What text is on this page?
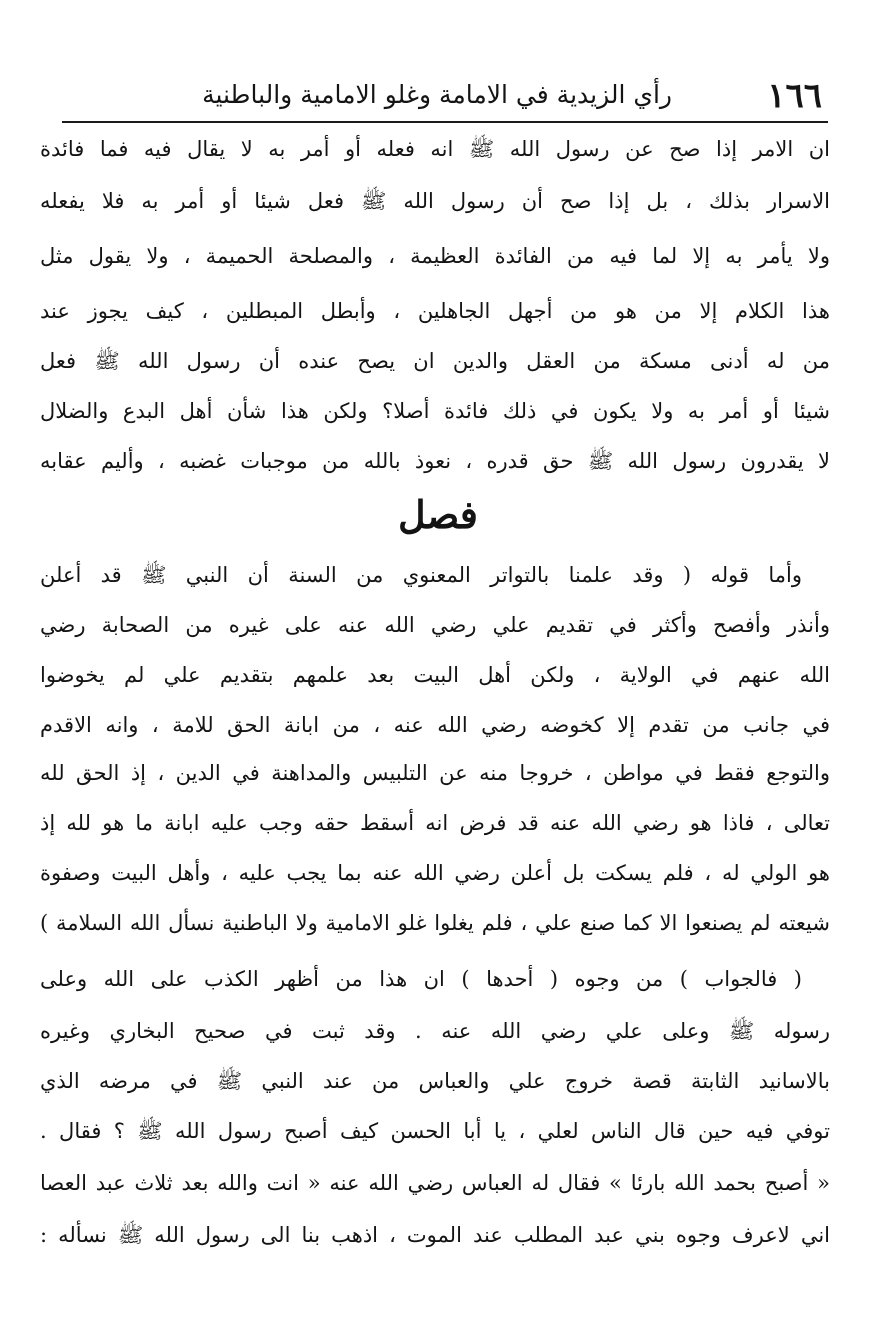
١٦٦
رأي الزيدية في الامامة وغلو الامامية والباطنية
ان الامر إذا صح عن رسول الله ﷺ انه فعله أو أمر به لا يقال فيه فما فائدة
الاسرار بذلك ، بل إذا صح أن رسول الله ﷺ فعل شيئا أو أمر به فلا يفعله
ولا يأمر به إلا لما فيه من الفائدة العظيمة ، والمصلحة الحميمة ، ولا يقول مثل
هذا الكلام إلا من هو من أجهل الجاهلين ، وأبطل المبطلين ، كيف يجوز عند
من له أدنى مسكة من العقل والدين ان يصح عنده أن رسول الله ﷺ فعل
شيئا أو أمر به ولا يكون في ذلك فائدة أصلا؟ ولكن هذا شأن أهل البدع والضلال
لا يقدرون رسول الله ﷺ حق قدره ، نعوذ بالله من موجبات غضبه ، وأليم عقابه
فصل
وأما قوله ( وقد علمنا بالتواتر المعنوي من السنة أن النبي ﷺ قد أعلن
وأنذر وأفصح وأكثر في تقديم علي رضي الله عنه على غيره من الصحابة رضي
الله عنهم في الولاية ، ولكن أهل البيت بعد علمهم بتقديم علي لم يخوضوا
في جانب من تقدم إلا كخوضه رضي الله عنه ، من ابانة الحق للامة ، وانه الاقدم
والتوجع فقط في مواطن ، خروجا منه عن التلبيس والمداهنة في الدين ، إذ الحق لله
تعالى ، فاذا هو رضي الله عنه قد فرض انه أسقط حقه وجب عليه ابانة ما هو لله إذ
هو الولي له ، فلم يسكت بل أعلن رضي الله عنه بما يجب عليه ، وأهل البيت وصفوة
شيعته لم يصنعوا الا كما صنع علي ، فلم يغلوا غلو الامامية ولا الباطنية نسأل الله السلامة )
( فالجواب ) من وجوه ( أحدها ) ان هذا من أظهر الكذب على الله وعلى
رسوله ﷺ وعلى علي رضي الله عنه . وقد ثبت في صحيح البخاري وغيره
بالاسانيد الثابتة قصة خروج علي والعباس من عند النبي ﷺ في مرضه الذي
توفي فيه حين قال الناس لعلي ، يا أبا الحسن كيف أصبح رسول الله ﷺ ؟ فقال .
« أصبح بحمد الله بارئا » فقال له العباس رضي الله عنه « انت والله بعد ثلاث عبد العصا
اني لاعرف وجوه بني عبد المطلب عند الموت ، اذهب بنا الى رسول الله ﷺ نسأله :
